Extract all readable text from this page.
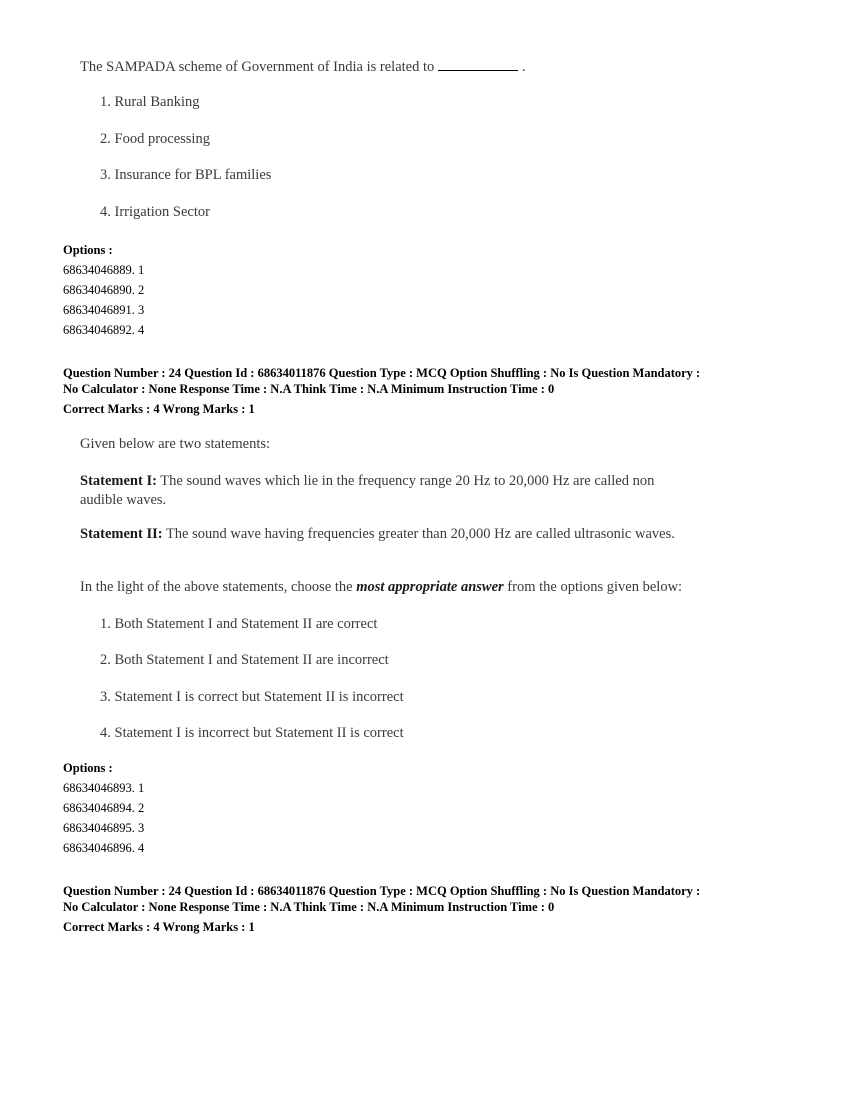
The SAMPADA scheme of Government of India is related to	.

1. Rural Banking

2. Food processing

3. Insurance for BPL families

4. Irrigation Sector

Options :
68634046889. 1
68634046890. 2
68634046891. 3
68634046892. 4
Question Number : 24 Question Id : 68634011876 Question Type : MCQ Option Shuffling : No Is Question Mandatory :
No Calculator : None Response Time : N.A Think Time : N.A Minimum Instruction Time : 0
Correct Marks : 4 Wrong Marks : 1

Given below are two statements:

Statement I: The sound waves which lie in the frequency range 20 Hz to 20,000 Hz are called non
audible waves.

Statement II: The sound wave having frequencies greater than 20,000 Hz are called ultrasonic waves.

In the light of the above statements, choose the most appropriate answer from the options given below:

1. Both Statement I and Statement II are correct

2. Both Statement I and Statement II are incorrect

3. Statement I is correct but Statement II is incorrect

4. Statement I is incorrect but Statement II is correct

Options :
68634046893. 1
68634046894. 2
68634046895. 3
68634046896. 4
Question Number : 24 Question Id : 68634011876 Question Type : MCQ Option Shuffling : No Is Question Mandatory :
No Calculator : None Response Time : N.A Think Time : N.A Minimum Instruction Time : 0
Correct Marks : 4 Wrong Marks : 1
